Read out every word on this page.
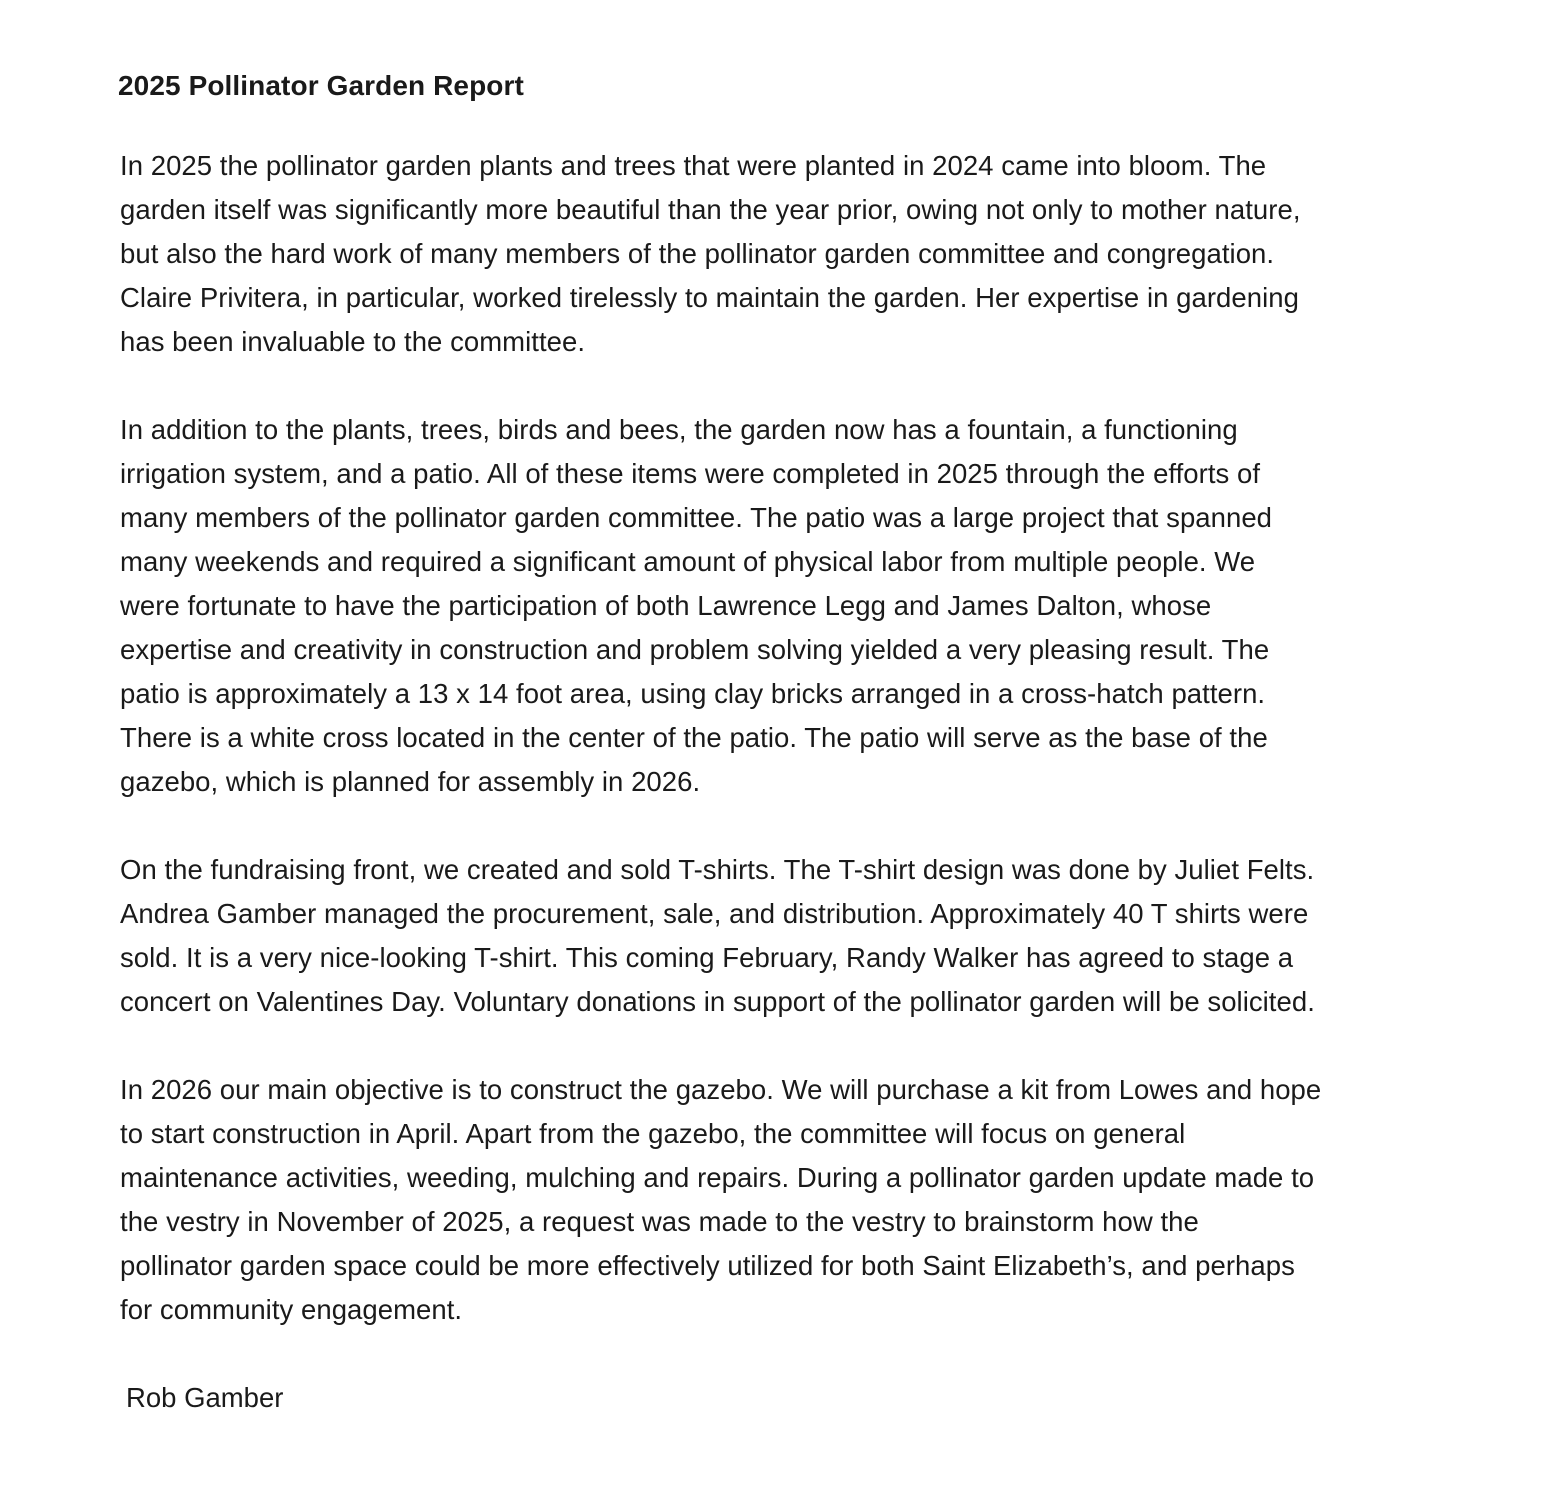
2025 Pollinator Garden Report

In 2025 the pollinator garden plants and trees that were planted in 2024 came into bloom. The
garden itself was significantly more beautiful than the year prior, owing not only to mother nature,
but also the hard work of many members of the pollinator garden committee and congregation.
Claire Privitera, in particular, worked tirelessly to maintain the garden. Her expertise in gardening
has been invaluable to the committee.

In addition to the plants, trees, birds and bees, the garden now has a fountain, a functioning
irrigation system, and a patio. All of these items were completed in 2025 through the efforts of
many members of the pollinator garden committee. The patio was a large project that spanned
many weekends and required a significant amount of physical labor from multiple people. We
were fortunate to have the participation of both Lawrence Legg and James Dalton, whose
expertise and creativity in construction and problem solving yielded a very pleasing result. The
patio is approximately a 13 x 14 foot area, using clay bricks arranged in a cross-hatch pattern.
There is a white cross located in the center of the patio. The patio will serve as the base of the
gazebo, which is planned for assembly in 2026.

On the fundraising front, we created and sold T-shirts. The T-shirt design was done by Juliet Felts.
Andrea Gamber managed the procurement, sale, and distribution. Approximately 40 T shirts were
sold. It is a very nice-looking T-shirt. This coming February, Randy Walker has agreed to stage a
concert on Valentines Day. Voluntary donations in support of the pollinator garden will be solicited.

In 2026 our main objective is to construct the gazebo. We will purchase a kit from Lowes and hope
to start construction in April. Apart from the gazebo, the committee will focus on general
maintenance activities, weeding, mulching and repairs. During a pollinator garden update made to
the vestry in November of 2025, a request was made to the vestry to brainstorm how the
pollinator garden space could be more effectively utilized for both Saint Elizabeth’s, and perhaps
for community engagement.

Rob Gamber
